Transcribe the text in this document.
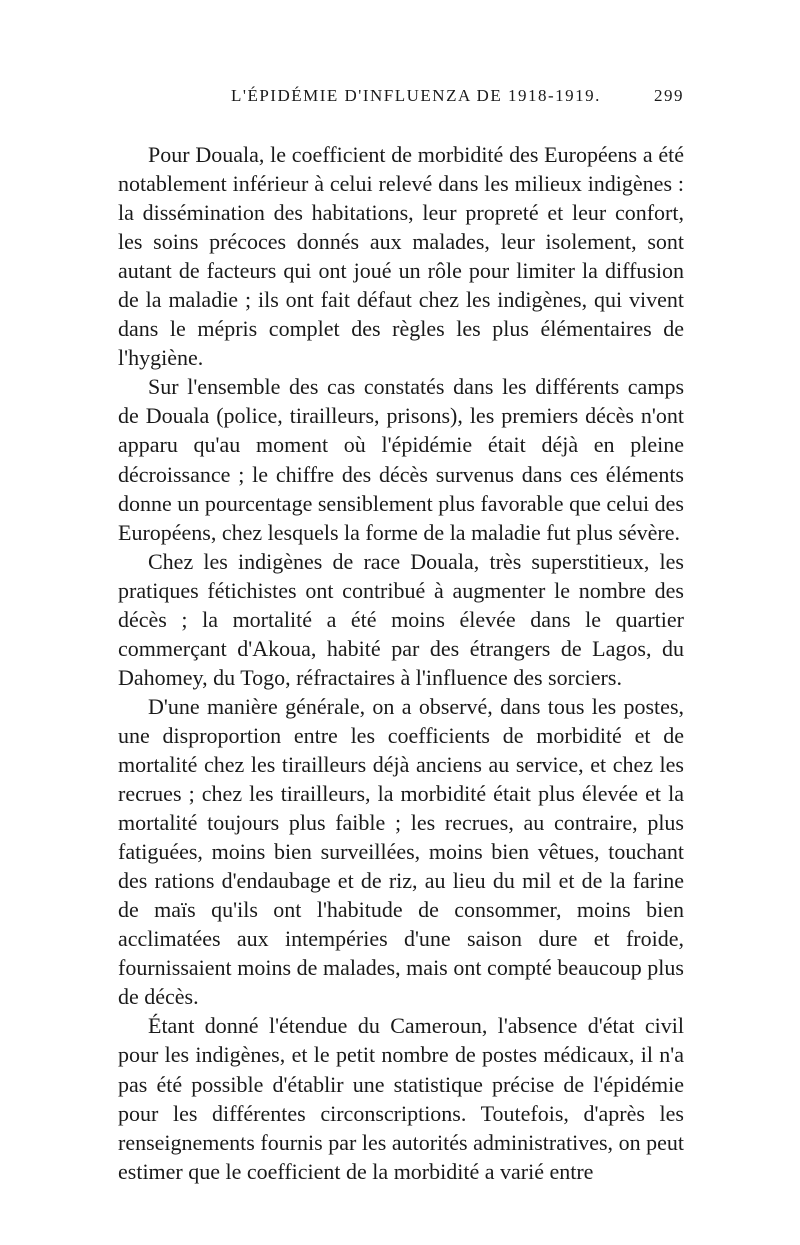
L'ÉPIDÉMIE D'INFLUENZA DE 1918-1919.	299

Pour Douala, le coefficient de morbidité des Européens a été notablement inférieur à celui relevé dans les milieux indigènes : la dissémination des habitations, leur propreté et leur confort, les soins précoces donnés aux malades, leur isolement, sont autant de facteurs qui ont joué un rôle pour limiter la diffusion de la maladie ; ils ont fait défaut chez les indigènes, qui vivent dans le mépris complet des règles les plus élémentaires de l'hygiène.

Sur l'ensemble des cas constatés dans les différents camps de Douala (police, tirailleurs, prisons), les premiers décès n'ont apparu qu'au moment où l'épidémie était déjà en pleine décroissance ; le chiffre des décès survenus dans ces éléments donne un pourcentage sensiblement plus favorable que celui des Européens, chez lesquels la forme de la maladie fut plus sévère.

Chez les indigènes de race Douala, très superstitieux, les pratiques fétichistes ont contribué à augmenter le nombre des décès ; la mortalité a été moins élevée dans le quartier commerçant d'Akoua, habité par des étrangers de Lagos, du Dahomey, du Togo, réfractaires à l'influence des sorciers.

D'une manière générale, on a observé, dans tous les postes, une disproportion entre les coefficients de morbidité et de mortalité chez les tirailleurs déjà anciens au service, et chez les recrues ; chez les tirailleurs, la morbidité était plus élevée et la mortalité toujours plus faible ; les recrues, au contraire, plus fatiguées, moins bien surveillées, moins bien vêtues, touchant des rations d'endaubage et de riz, au lieu du mil et de la farine de maïs qu'ils ont l'habitude de consommer, moins bien acclimatées aux intempéries d'une saison dure et froide, fournissaient moins de malades, mais ont compté beaucoup plus de décès.

Étant donné l'étendue du Cameroun, l'absence d'état civil pour les indigènes, et le petit nombre de postes médicaux, il n'a pas été possible d'établir une statistique précise de l'épidémie pour les différentes circonscriptions. Toutefois, d'après les renseignements fournis par les autorités administratives, on peut estimer que le coefficient de la morbidité a varié entre
